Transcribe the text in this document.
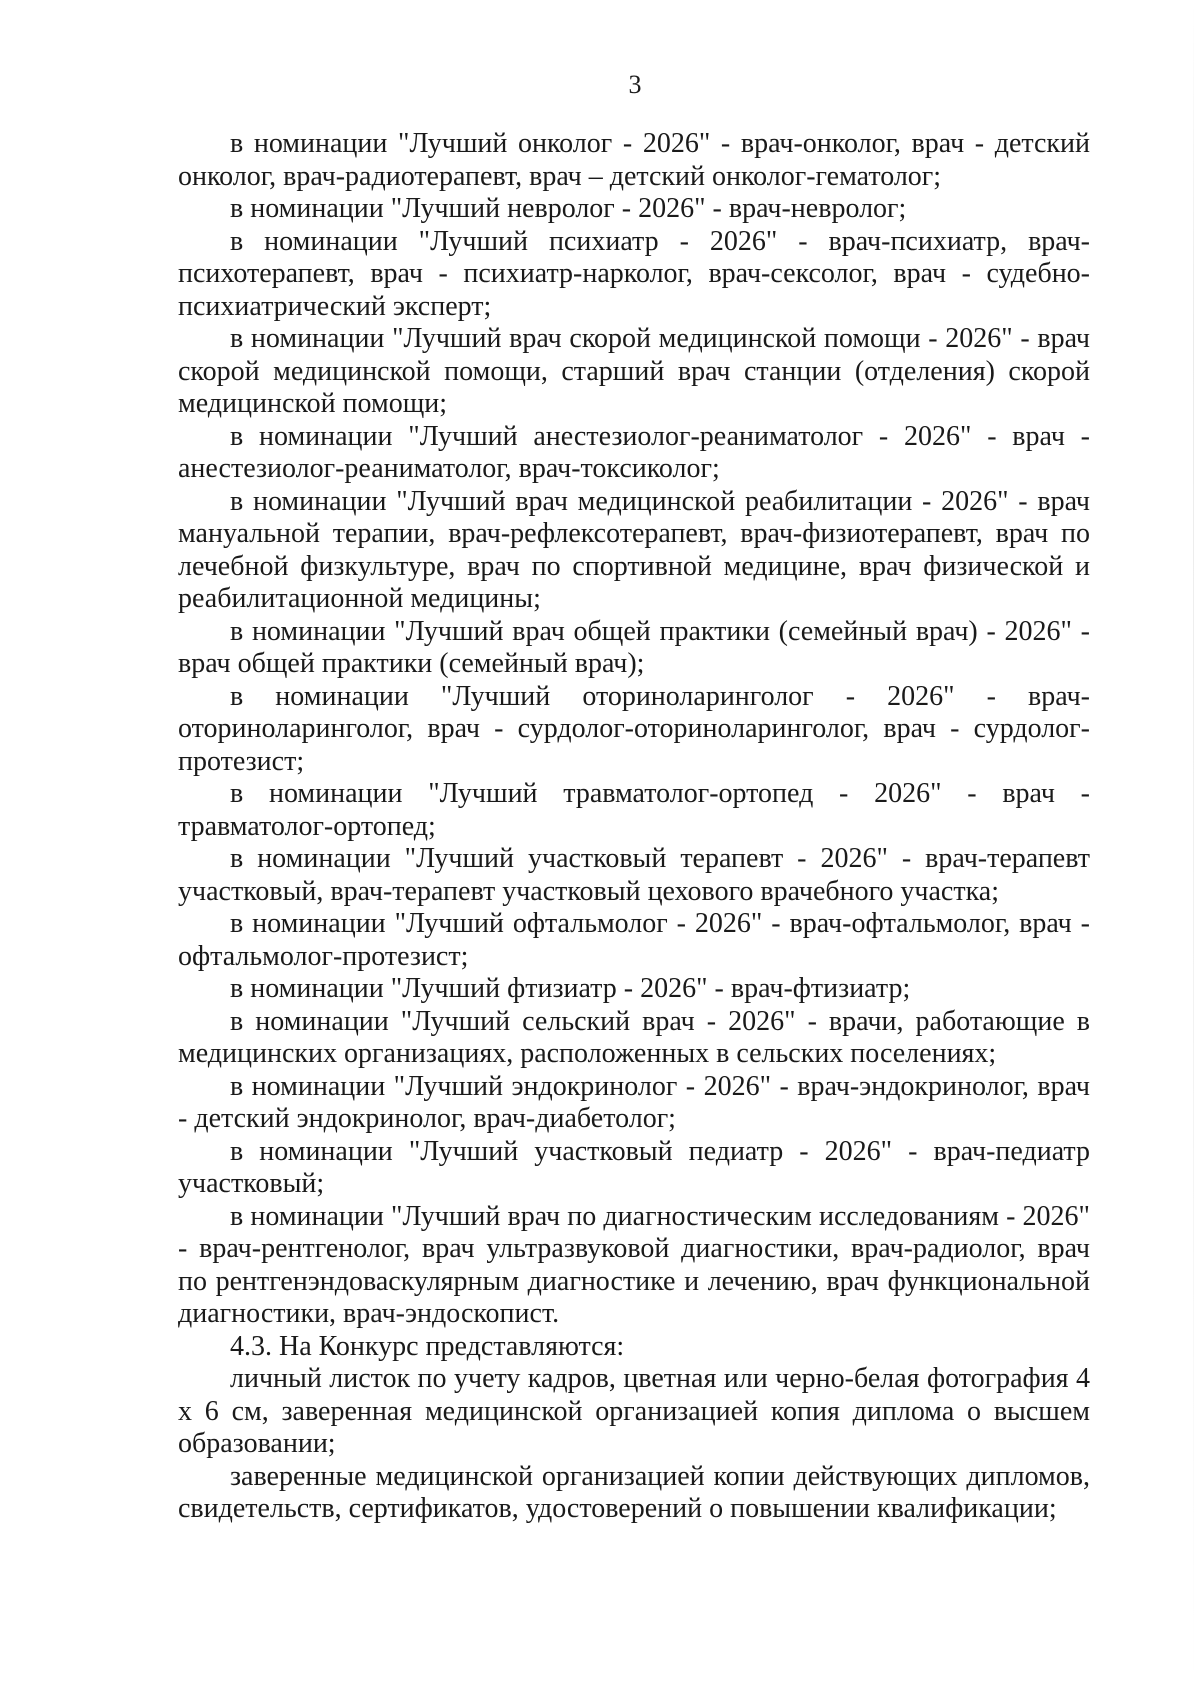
3

в номинации "Лучший онколог - 2026" - врач-онколог, врач - детский онколог, врач-радиотерапевт, врач – детский онколог-гематолог;

в номинации "Лучший невролог - 2026" - врач-невролог;

в номинации "Лучший психиатр - 2026" - врач-психиатр, врач-психотерапевт, врач - психиатр-нарколог, врач-сексолог, врач - судебно-психиатрический эксперт;

в номинации "Лучший врач скорой медицинской помощи - 2026" - врач скорой медицинской помощи, старший врач станции (отделения) скорой медицинской помощи;

в номинации "Лучший анестезиолог-реаниматолог - 2026" - врач - анестезиолог-реаниматолог, врач-токсиколог;

в номинации "Лучший врач медицинской реабилитации - 2026" - врач мануальной терапии, врач-рефлексотерапевт, врач-физиотерапевт, врач по лечебной физкультуре, врач по спортивной медицине, врач физической и реабилитационной медицины;

в номинации "Лучший врач общей практики (семейный врач) - 2026" - врач общей практики (семейный врач);

в номинации "Лучший оториноларинголог - 2026" - врач-оториноларинголог, врач - сурдолог-оториноларинголог, врач - сурдолог-протезист;

в номинации "Лучший травматолог-ортопед - 2026" - врач - травматолог-ортопед;

в номинации "Лучший участковый терапевт - 2026" - врач-терапевт участковый, врач-терапевт участковый цехового врачебного участка;

в номинации "Лучший офтальмолог - 2026" - врач-офтальмолог, врач - офтальмолог-протезист;

в номинации "Лучший фтизиатр - 2026" - врач-фтизиатр;

в номинации "Лучший сельский врач - 2026" - врачи, работающие в медицинских организациях, расположенных в сельских поселениях;

в номинации "Лучший эндокринолог - 2026" - врач-эндокринолог, врач - детский эндокринолог, врач-диабетолог;

в номинации "Лучший участковый педиатр - 2026" - врач-педиатр участковый;

в номинации "Лучший врач по диагностическим исследованиям - 2026" - врач-рентгенолог, врач ультразвуковой диагностики, врач-радиолог, врач по рентгенэндоваскулярным диагностике и лечению, врач функциональной диагностики, врач-эндоскопист.

4.3. На Конкурс представляются:

личный листок по учету кадров, цветная или черно-белая фотография 4 х 6 см, заверенная медицинской организацией копия диплома о высшем образовании;

заверенные медицинской организацией копии действующих дипломов, свидетельств, сертификатов, удостоверений о повышении квалификации;
